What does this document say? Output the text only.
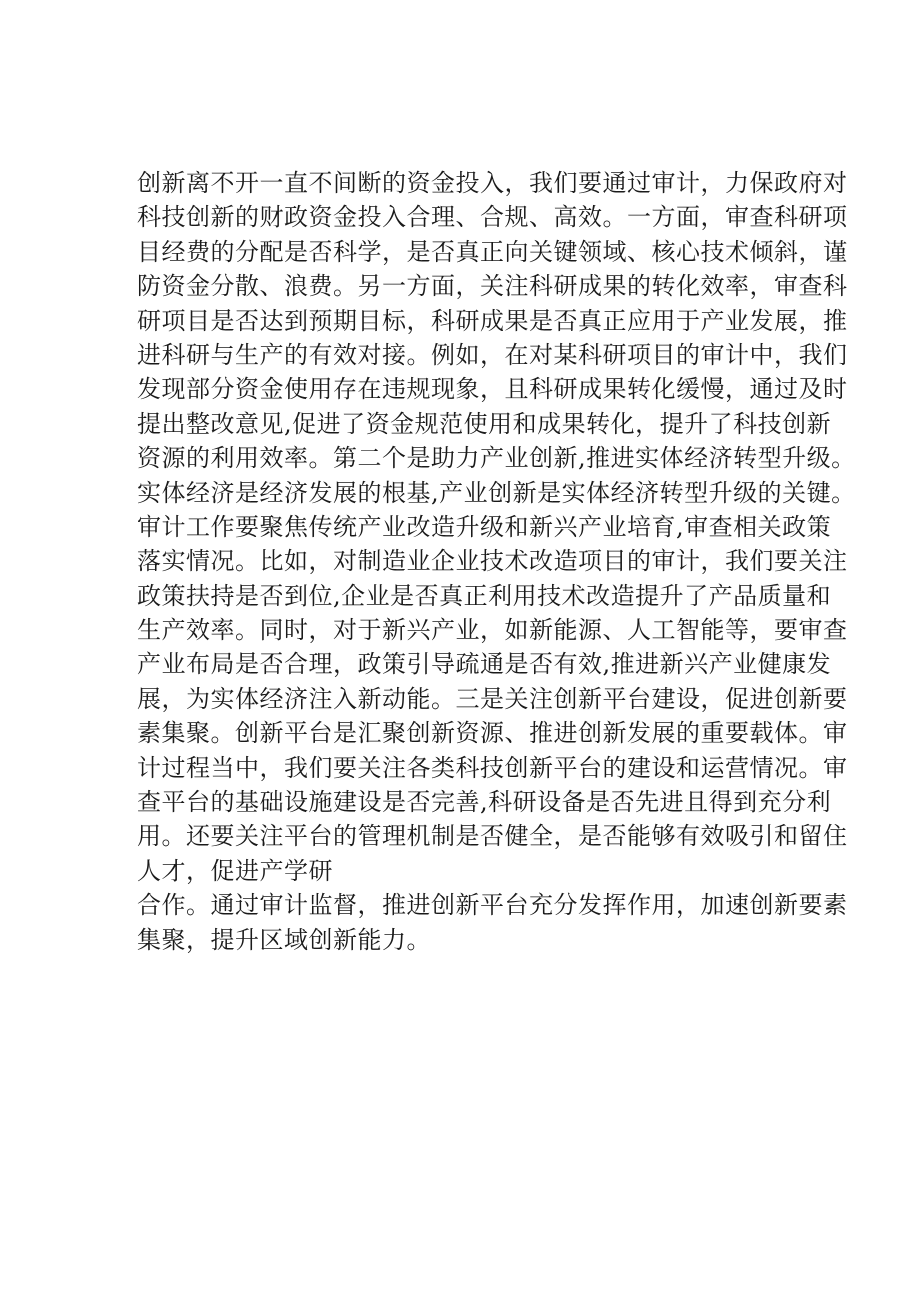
创新离不开一直不间断的资金投入，我们要通过审计，力保政府对
科技创新的财政资金投入合理、合规、高效。一方面，审查科研项
目经费的分配是否科学，是否真正向关键领域、核心技术倾斜，谨
防资金分散、浪费。另一方面，关注科研成果的转化效率，审查科
研项目是否达到预期目标，科研成果是否真正应用于产业发展，推
进科研与生产的有效对接。例如，在对某科研项目的审计中，我们
发现部分资金使用存在违规现象，且科研成果转化缓慢，通过及时
提出整改意见,促进了资金规范使用和成果转化，提升了科技创新
资源的利用效率。第二个是助力产业创新,推进实体经济转型升级。
实体经济是经济发展的根基,产业创新是实体经济转型升级的关键。
审计工作要聚焦传统产业改造升级和新兴产业培育,审查相关政策
落实情况。比如，对制造业企业技术改造项目的审计，我们要关注
政策扶持是否到位,企业是否真正利用技术改造提升了产品质量和
生产效率。同时，对于新兴产业，如新能源、人工智能等，要审查
产业布局是否合理，政策引导疏通是否有效,推进新兴产业健康发
展，为实体经济注入新动能。三是关注创新平台建设，促进创新要
素集聚。创新平台是汇聚创新资源、推进创新发展的重要载体。审
计过程当中，我们要关注各类科技创新平台的建设和运营情况。审
查平台的基础设施建设是否完善,科研设备是否先进且得到充分利
用。还要关注平台的管理机制是否健全，是否能够有效吸引和留住
人才，促进产学研
合作。通过审计监督，推进创新平台充分发挥作用，加速创新要素
集聚，提升区域创新能力。
